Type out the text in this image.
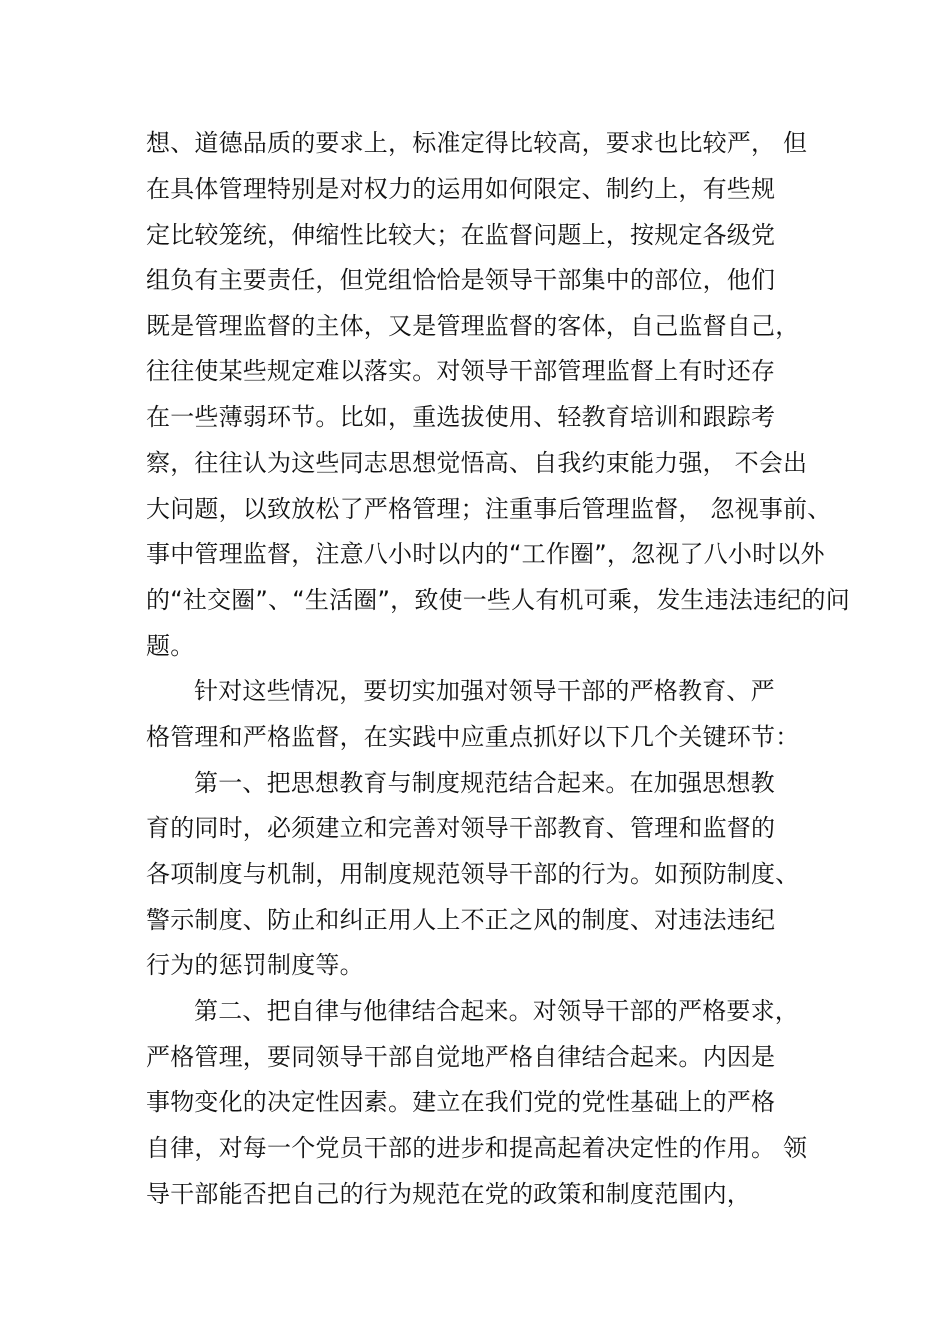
想、道德品质的要求上，标准定得比较高，要求也比较严， 但
在具体管理特别是对权力的运用如何限定、制约上，有些规
定比较笼统，伸缩性比较大；在监督问题上，按规定各级党
组负有主要责任，但党组恰恰是领导干部集中的部位，他们
既是管理监督的主体，又是管理监督的客体，自己监督自己，
往往使某些规定难以落实。对领导干部管理监督上有时还存
在一些薄弱环节。比如，重选拔使用、轻教育培训和跟踪考
察，往往认为这些同志思想觉悟高、自我约束能力强， 不会出
大问题，以致放松了严格管理；注重事后管理监督， 忽视事前、
事中管理监督，注意八小时以内的“工作圈”，忽视了八小时以外
的“社交圈”、“生活圈”，致使一些人有机可乘，发生违法违纪的问
题。
针对这些情况，要切实加强对领导干部的严格教育、严
格管理和严格监督，在实践中应重点抓好以下几个关键环节：
第一、把思想教育与制度规范结合起来。在加强思想教
育的同时，必须建立和完善对领导干部教育、管理和监督的
各项制度与机制，用制度规范领导干部的行为。如预防制度、
警示制度、防止和纠正用人上不正之风的制度、对违法违纪
行为的惩罚制度等。
第二、把自律与他律结合起来。对领导干部的严格要求，
严格管理，要同领导干部自觉地严格自律结合起来。内因是
事物变化的决定性因素。建立在我们党的党性基础上的严格
自律，对每一个党员干部的进步和提高起着决定性的作用。 领
导干部能否把自己的行为规范在党的政策和制度范围内，
